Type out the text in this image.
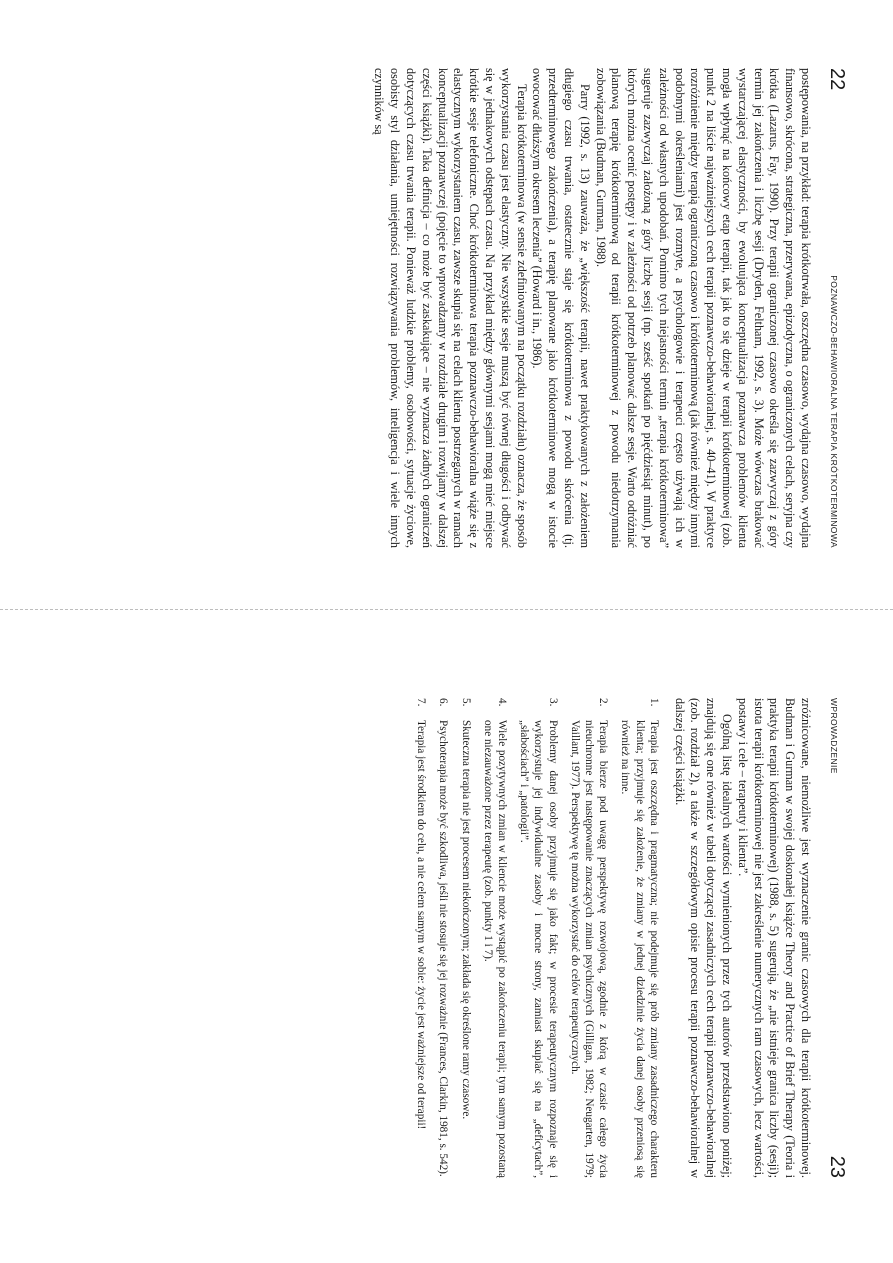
22
POZNAWCZO-BEHAWIORALNA TERAPIA KRÓTKOTERMINOWA

postępowania, na przykład: terapia krótkotrwała, oszczędna czasowo, wydajna czasowo, wydajna finansowo, skrócona, strategiczna, przerywana, epizodyczna, o ograniczonych celach, seryjna czy krótka (Lazarus, Fay, 1990). Przy terapii ograniczonej czasowo określa się zazwyczaj z góry termin jej zakończenia i liczbę sesji (Dryden, Feltham, 1992, s. 3). Może wówczas brakować wystarczającej elastyczności, by ewoluująca konceptualizacja poznawcza problemów klienta mogła wpłynąć na końcowy etap terapii, tak jak to się dzieje w terapii krótkoterminowej (zob. punkt 2 na liście najważniejszych cech terapii poznawczo-behawioralnej, s. 40–41). W praktyce rozróżnienie między terapią ograniczoną czasowo i krótkoterminową (jak również między innymi podobnymi określeniami) jest rozmyte, a psychologowie i terapeuci często używają ich w zależności od własnych upodobań. Pomimo tych niejasności termin „terapia krótkoterminowa” sugeruje zazwyczaj założoną z góry liczbę sesji (np. sześć spotkań po pięćdziesiąt minut), po których można ocenić postępy i w zależności od potrzeb planować dalsze sesje. Warto odróżniać planową terapię krótkoterminową od terapii krótkoterminowej z powodu niedotrzymania zobowiązania (Budman, Gurman, 1988).

Parry (1992, s. 13) zauważa, że „większość terapii, nawet praktykowanych z założeniem długiego czasu trwania, ostatecznie staje się krótkoterminowa z powodu skrócenia (tj. przedterminowego zakończenia), a terapię planowane jako krótkoterminowe mogą w istocie owocować dłuższym okresem leczenia” (Howard i in., 1986).

Terapia krótkoterminowa (w sensie zdefiniowanym na początku rozdziału) oznacza, że sposób wykorzystania czasu jest elastyczny. Nie wszystkie sesje muszą być równej długości i odbywać się w jednakowych odstępach czasu. Na przykład między głównymi sesjami mogą mieć miejsce krótkie sesje telefoniczne. Choć krótkoterminowa terapia poznawczo-behawioralna wiąże się z elastycznym wykorzystaniem czasu, zawsze skupia się na celach klienta postrzeganych w ramach konceptualizacji poznawczej (pojęcie to wprowadzamy w rozdziale drugim i rozwijamy w dalszej części książki). Taka definicja – co może być zaskakujące – nie wyznacza żadnych ograniczeń dotyczących czasu trwania terapii. Ponieważ ludzkie problemy, osobowości, sytuacje życiowe, osobisty styl działania, umiejętności rozwiązywania problemów, inteligencja i wiele innych czynników są

WPROWADZENIE
23

zróżnicowane, niemożliwe jest wyznaczenie granic czasowych dla terapii krótkoterminowej. Budman i Gurman w swojej doskonałej książce Theory and Practice of Brief Therapy (Teoria i praktyka terapii krótkoterminowej) (1988, s. 5) sugerują, że „nie istnieje granica liczby (sesji); istota terapii krótkoterminowej nie jest zakreślenie numerycznych ram czasowych, lecz wartości, postawy i cele – terapeuty i klienta”.

Ogólną listę idealnych wartości wymienionych przez tych autorów przedstawiono poniżej; znajdują się one również w tabeli dotyczącej zasadniczych cech terapii poznawczo-behawioralnej (zob. rozdział 2), a także w szczegółowym opisie procesu terapii poznawczo-behawioralnej w dalszej części książki.

1.
Terapia jest oszczędna i pragmatyczna; nie podejmuje się prób zmiany zasadniczego charakteru klienta; przyjmuje się założenie, że zmiany w jednej dziedzinie życia danej osoby przeniosą się również na inne.
2.
Terapia bierze pod uwagę perspektywę rozwojową, zgodnie z którą w czasie całego życia nieuchronne jest następowanie znaczących zmian psychicznych (Gilligan, 1982; Neugarten, 1979; Vaillant, 1977). Perspektywę tę można wykorzystać do celów terapeutycznych.
3.
Problemy danej osoby przyjmuje się jako fakt; w procesie terapeutycznym rozpoznaje się i wykorzystuje jej indywidualne zasoby i mocne strony, zamiast skupiać się na „deficytach”, „słabościach” i „patologii”.
4.
Wiele pozytywnych zmian w kliencie może wystąpić po zakończeniu terapii; tym samym pozostaną one niezauważone przez terapeutę (zob. punkty 1 i 7).
5.
Skuteczna terapia nie jest procesem niekończonym; zakłada się określone ramy czasowe.
6.
Psychoterapia może być szkodliwa, jeśli nie stosuje się jej rozważnie (Frances, Clarkin, 1981, s. 542).
7.
Terapia jest środkiem do celu, a nie celem samym w sobie: życie jest ważniejsze od terapii!
